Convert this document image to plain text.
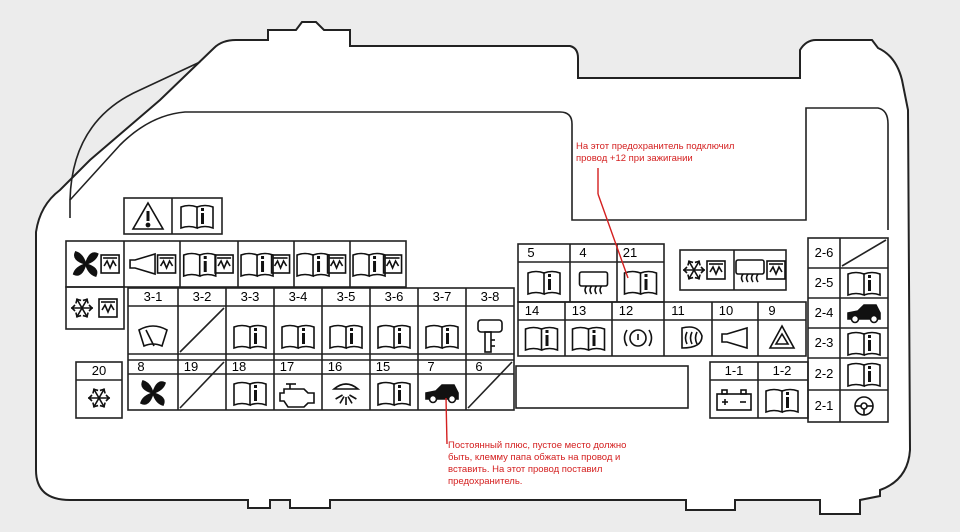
3-1	3-2	3-3	3-4	3-5	3-6	3-7	3-8
8	19	18	17	16	15	7	6
20
5	4	21
14	13	12	11	10	9
1-1	1-2
2-6
2-5
2-4
2-3
2-2
2-1
На этот предохранитель подключил провод +12 при зажигании
Постоянный плюс, пустое место должно быть, клемму папа обжать на провод и вставить. На этот провод поставил предохранитель.
